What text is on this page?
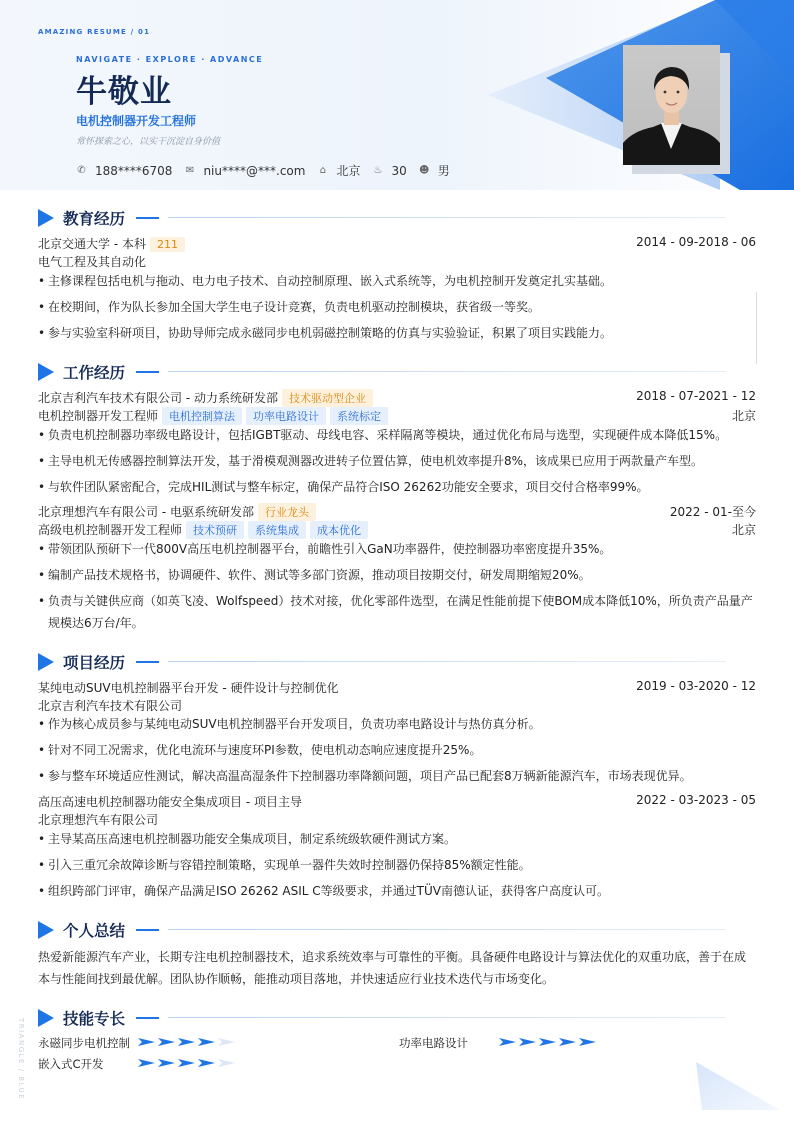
AMAZING RESUME / 01
NAVIGATE · EXPLORE · ADVANCE
牛敬业
电机控制器开发工程师
常怀探索之心，以实干沉淀自身价值
✆ 188****6708 ✉ niu****@***.com ⌂ 北京 ♨ 30 ☻ 男
教育经历
北京交通大学 - 本科 211	2014 - 09-2018 - 06
电气工程及其自动化
• 主修课程包括电机与拖动、电力电子技术、自动控制原理、嵌入式系统等，为电机控制开发奠定扎实基础。
• 在校期间，作为队长参加全国大学生电子设计竞赛，负责电机驱动控制模块，获省级一等奖。
• 参与实验室科研项目，协助导师完成永磁同步电机弱磁控制策略的仿真与实验验证，积累了项目实践能力。
工作经历
北京吉利汽车技术有限公司 - 动力系统研发部 技术驱动型企业	2018 - 07-2021 - 12
电机控制器开发工程师 电机控制算法 功率电路设计 系统标定	北京
• 负责电机控制器功率级电路设计，包括IGBT驱动、母线电容、采样隔离等模块，通过优化布局与选型，实现硬件成本降低15%。
• 主导电机无传感器控制算法开发，基于滑模观测器改进转子位置估算，使电机效率提升8%，该成果已应用于两款量产车型。
• 与软件团队紧密配合，完成HIL测试与整车标定，确保产品符合ISO 26262功能安全要求，项目交付合格率99%。
北京理想汽车有限公司 - 电驱系统研发部 行业龙头	2022 - 01-至今
高级电机控制器开发工程师 技术预研 系统集成 成本优化	北京
• 带领团队预研下一代800V高压电机控制器平台，前瞻性引入GaN功率器件，使控制器功率密度提升35%。
• 编制产品技术规格书，协调硬件、软件、测试等多部门资源，推动项目按期交付，研发周期缩短20%。
• 负责与关键供应商（如英飞凌、Wolfspeed）技术对接，优化零部件选型，在满足性能前提下使BOM成本降低10%，所负责产品量产规模达6万台/年。
项目经历
某纯电动SUV电机控制器平台开发 - 硬件设计与控制优化	2019 - 03-2020 - 12
北京吉利汽车技术有限公司
• 作为核心成员参与某纯电动SUV电机控制器平台开发项目，负责功率电路设计与热仿真分析。
• 针对不同工况需求，优化电流环与速度环PI参数，使电机动态响应速度提升25%。
• 参与整车环境适应性测试，解决高温高湿条件下控制器功率降额问题，项目产品已配套8万辆新能源汽车，市场表现优异。
高压高速电机控制器功能安全集成项目 - 项目主导	2022 - 03-2023 - 05
北京理想汽车有限公司
• 主导某高压高速电机控制器功能安全集成项目，制定系统级软硬件测试方案。
• 引入三重冗余故障诊断与容错控制策略，实现单一器件失效时控制器仍保持85%额定性能。
• 组织跨部门评审，确保产品满足ISO 26262 ASIL C等级要求，并通过TÜV南德认证，获得客户高度认可。
个人总结
热爱新能源汽车产业，长期专注电机控制器技术，追求系统效率与可靠性的平衡。具备硬件电路设计与算法优化的双重功底，善于在成本与性能间找到最优解。团队协作顺畅，能推动项目落地，并快速适应行业技术迭代与市场变化。
技能专长
永磁同步电机控制	功率电路设计
嵌入式C开发
TRIANGLE / BLUE
